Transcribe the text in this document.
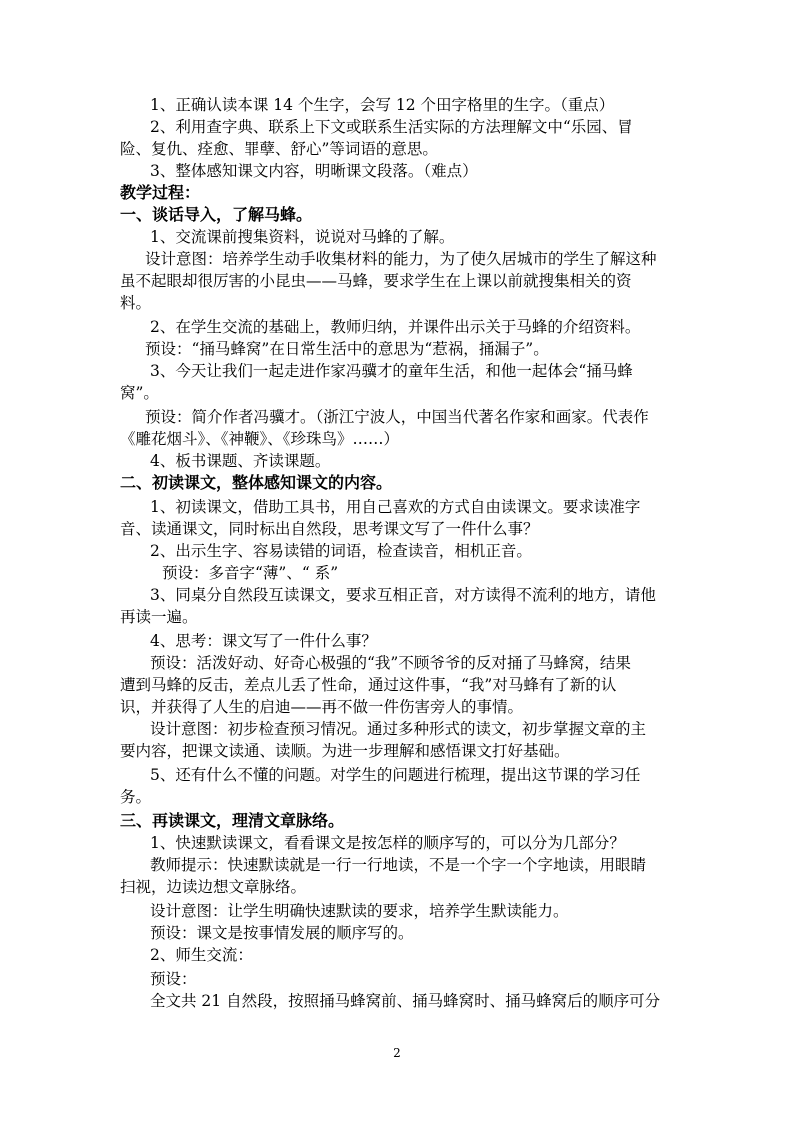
1、正确认读本课 14 个生字，会写 12 个田字格里的生字。（重点）
2、利用查字典、联系上下文或联系生活实际的方法理解文中“乐园、冒
险、复仇、痊愈、罪孽、舒心”等词语的意思。
3、整体感知课文内容，明晰课文段落。（难点）
教学过程：
一、谈话导入，了解马蜂。
1、交流课前搜集资料，说说对马蜂的了解。
设计意图：培养学生动手收集材料的能力，为了使久居城市的学生了解这种
虽不起眼却很厉害的小昆虫——马蜂，要求学生在上课以前就搜集相关的资
料。
2、在学生交流的基础上，教师归纳，并课件出示关于马蜂的介绍资料。
预设：“捅马蜂窝”在日常生活中的意思为“惹祸，捅漏子”。
3、今天让我们一起走进作家冯骥才的童年生活，和他一起体会“捅马蜂
窝”。
预设：简介作者冯骥才。（浙江宁波人，中国当代著名作家和画家。代表作
《雕花烟斗》、《神鞭》、《珍珠鸟》……）
4、板书课题、齐读课题。
二、初读课文，整体感知课文的内容。
1、初读课文，借助工具书，用自己喜欢的方式自由读课文。要求读准字
音、读通课文，同时标出自然段，思考课文写了一件什么事？
2、出示生字、容易读错的词语，检查读音，相机正音。
预设：多音字“薄”、“ 系”
3、同桌分自然段互读课文，要求互相正音，对方读得不流利的地方，请他
再读一遍。
4、思考：课文写了一件什么事？
预设：活泼好动、好奇心极强的“我”不顾爷爷的反对捅了马蜂窝，结果
遭到马蜂的反击，差点儿丢了性命，通过这件事，“我”对马蜂有了新的认
识，并获得了人生的启迪——再不做一件伤害旁人的事情。
设计意图：初步检查预习情况。通过多种形式的读文，初步掌握文章的主
要内容，把课文读通、读顺。为进一步理解和感悟课文打好基础。
5、还有什么不懂的问题。对学生的问题进行梳理，提出这节课的学习任
务。
三、再读课文，理清文章脉络。
1、快速默读课文，看看课文是按怎样的顺序写的，可以分为几部分？
教师提示：快速默读就是一行一行地读，不是一个字一个字地读，用眼睛
扫视，边读边想文章脉络。
设计意图：让学生明确快速默读的要求，培养学生默读能力。
预设：课文是按事情发展的顺序写的。
2、师生交流：
预设：
全文共 21 自然段，按照捅马蜂窝前、捅马蜂窝时、捅马蜂窝后的顺序可分
2
